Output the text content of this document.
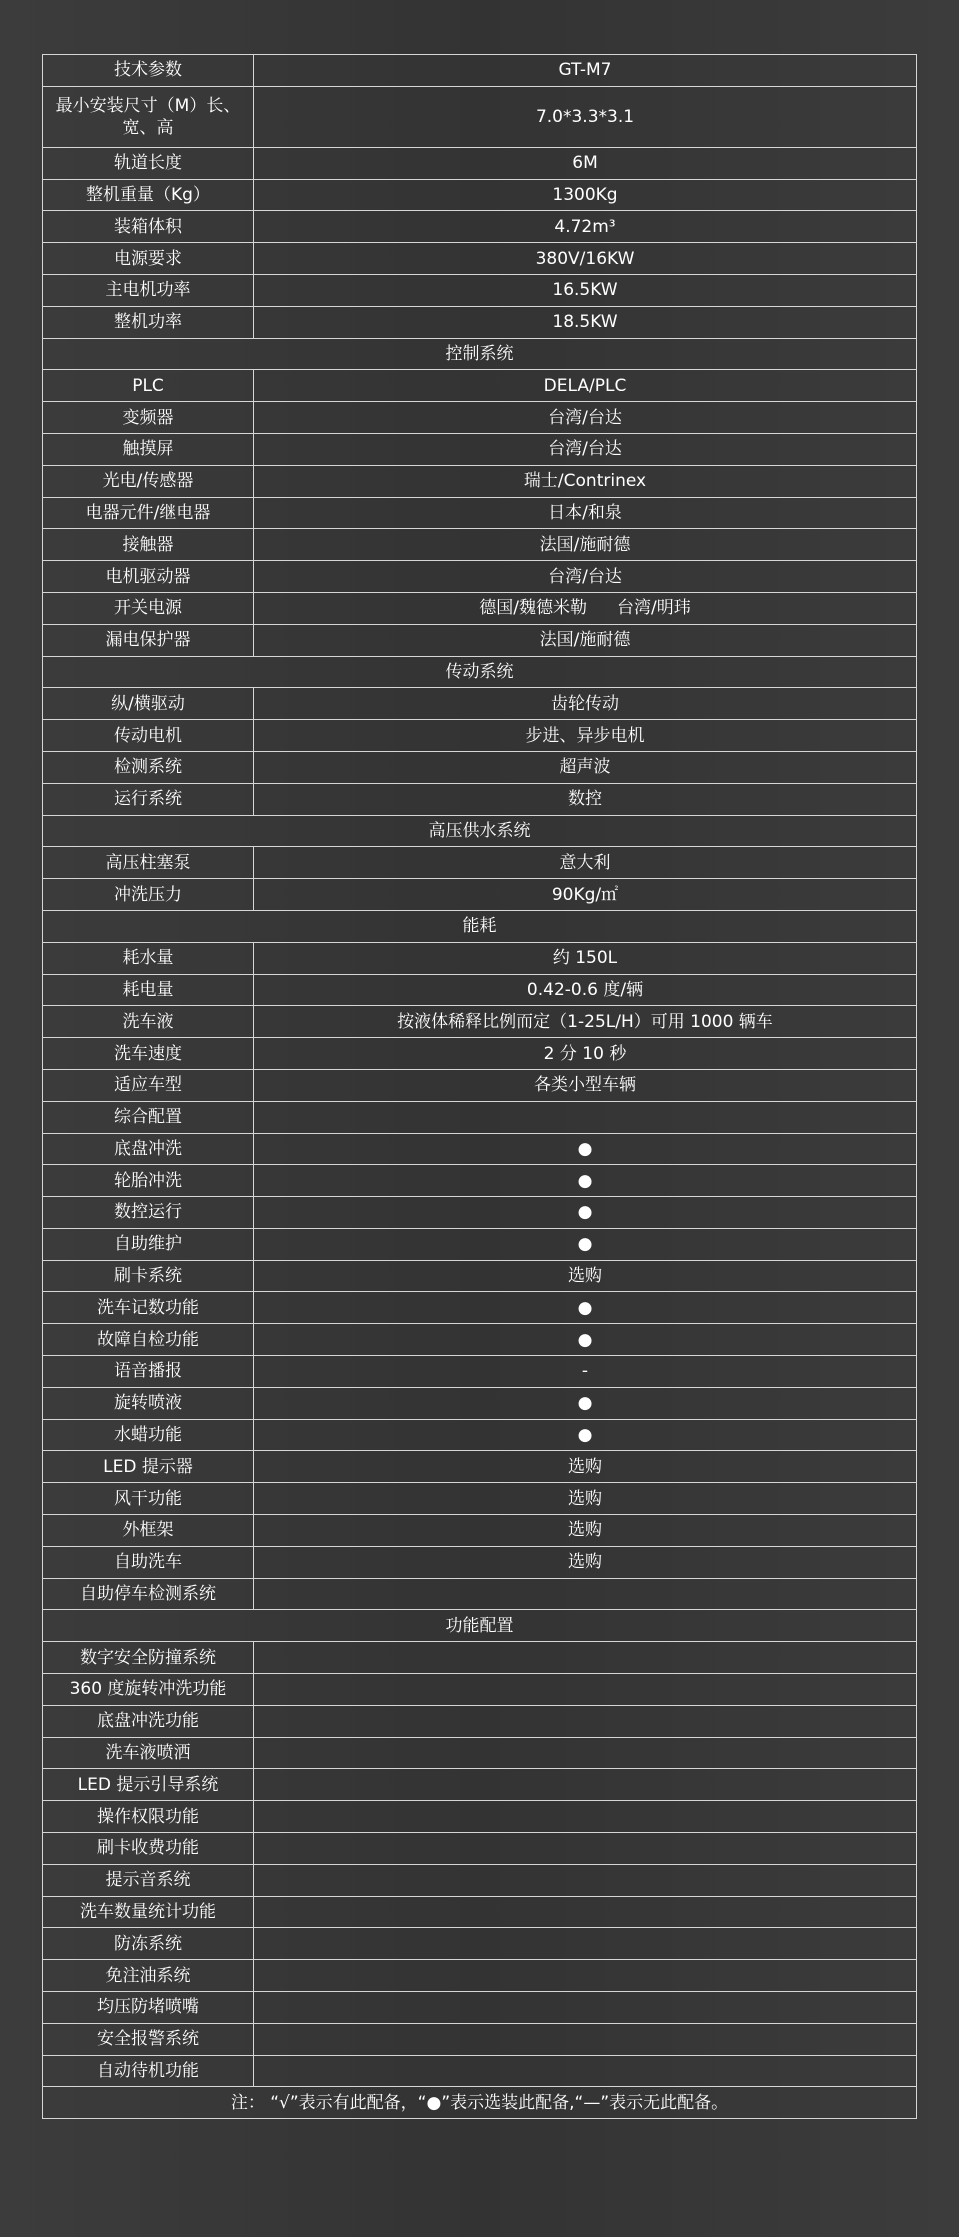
技术参数	GT-M7
最小安装尺寸（M）长、宽、高	7.0*3.3*3.1
轨道长度	6M
整机重量（Kg）	1300Kg
装箱体积	4.72m³
电源要求	380V/16KW
主电机功率	16.5KW
整机功率	18.5KW
控制系统	
PLC	DELA/PLC
变频器	台湾/台达
触摸屏	台湾/台达
光电/传感器	瑞士/Contrinex
电器元件/继电器	日本/和泉
接触器	法国/施耐德
电机驱动器	台湾/台达
开关电源	德国/魏德米勒 台湾/明玮
漏电保护器	法国/施耐德
传动系统	
纵/横驱动	齿轮传动
传动电机	步进、异步电机
检测系统	超声波
运行系统	数控
高压供水系统	
高压柱塞泵	意大利
冲洗压力	90Kg/㎡
能耗	
耗水量	约 150L
耗电量	0.42-0.6 度/辆
洗车液	按液体稀释比例而定（1-25L/H）可用 1000 辆车
洗车速度	2 分 10 秒
适应车型	各类小型车辆
综合配置	
底盘冲洗	●
轮胎冲洗	●
数控运行	●
自助维护	●
刷卡系统	选购
洗车记数功能	●
故障自检功能	●
语音播报	-
旋转喷液	●
水蜡功能	●
LED 提示器	选购
风干功能	选购
外框架	选购
自助洗车	选购
自助停车检测系统	
功能配置	
数字安全防撞系统	
360 度旋转冲洗功能	
底盘冲洗功能	
洗车液喷洒	
LED 提示引导系统	
操作权限功能	
刷卡收费功能	
提示音系统	
洗车数量统计功能	
防冻系统	
免注油系统	
均压防堵喷嘴	
安全报警系统	
自动待机功能	
注： “√”表示有此配备，“●”表示选装此配备,“—”表示无此配备。	
